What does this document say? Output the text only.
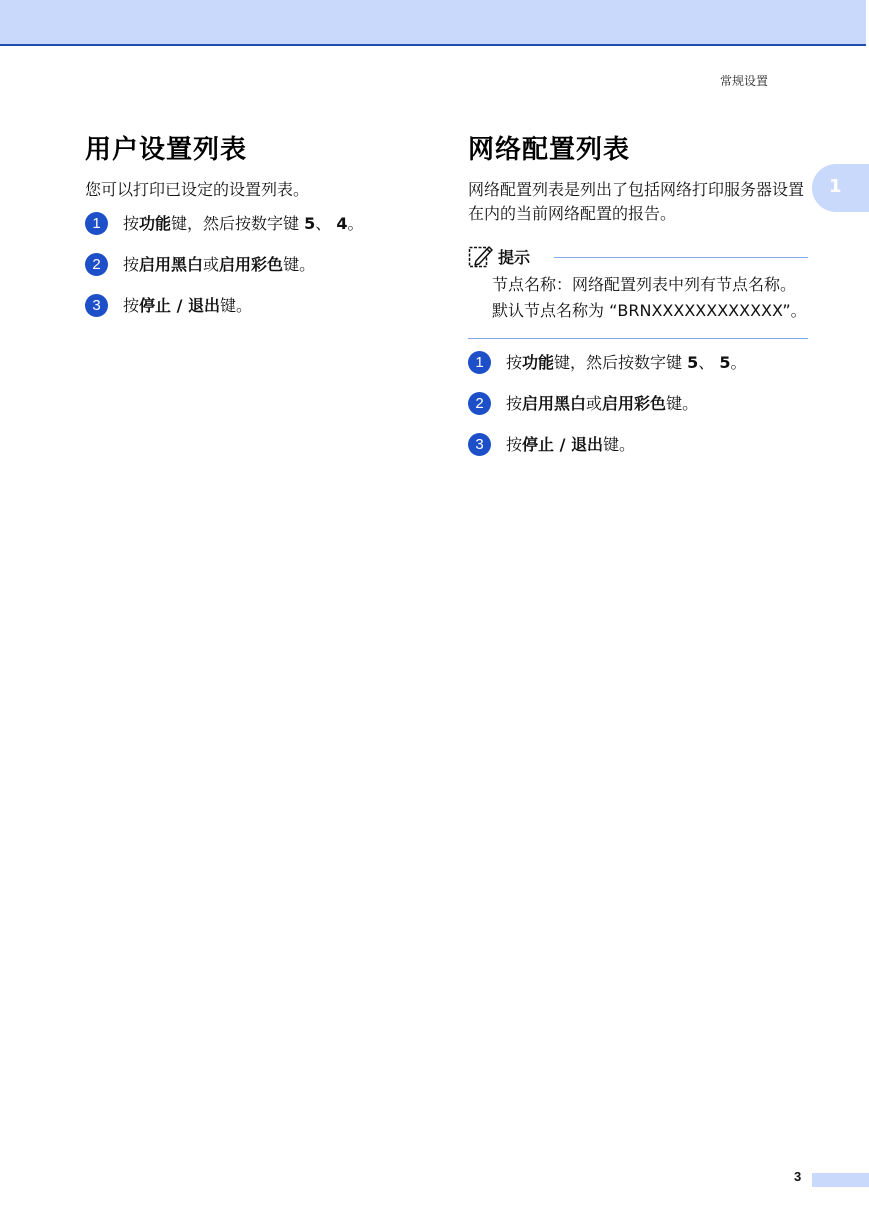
常规设置
1
用户设置列表

您可以打印已设定的设置列表。

1	按功能键，然后按数字键 5、 4。
2	按启用黑白或启用彩色键。
3	按停止 / 退出键。
网络配置列表

网络配置列表是列出了包括网络打印服务器设置在内的当前网络配置的报告。

提示
节点名称：网络配置列表中列有节点名称。默认节点名称为 “BRNXXXXXXXXXXXX”。
1	按功能键，然后按数字键 5、 5。
2	按启用黑白或启用彩色键。
3	按停止 / 退出键。
3
